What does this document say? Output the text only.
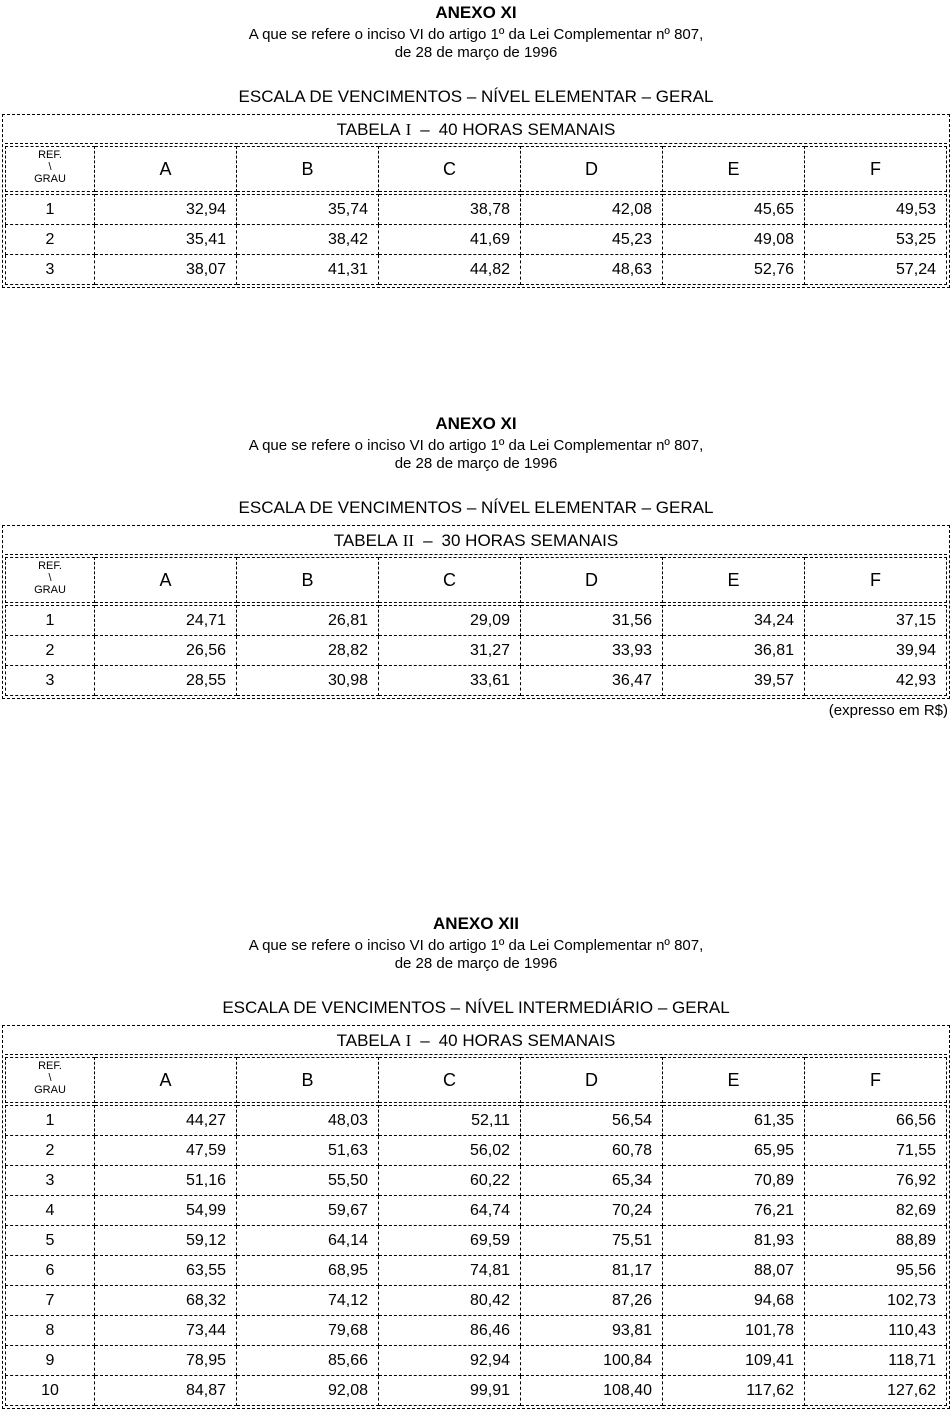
ANEXO XI
A que se refere o inciso VI do artigo 1º da Lei Complementar nº 807,
de 28 de março de 1996
ESCALA DE VENCIMENTOS – NÍVEL ELEMENTAR – GERAL
TABELA I – 40 HORAS SEMANAIS
REF.
\
GRAU
	A	B	C	D	E	F
1	32,94	35,74	38,78	42,08	45,65	49,53
2	35,41	38,42	41,69	45,23	49,08	53,25
3	38,07	41,31	44,82	48,63	52,76	57,24
ANEXO XI
A que se refere o inciso VI do artigo 1º da Lei Complementar nº 807,
de 28 de março de 1996
ESCALA DE VENCIMENTOS – NÍVEL ELEMENTAR – GERAL
TABELA II – 30 HORAS SEMANAIS
REF.
\
GRAU
	A	B	C	D	E	F
1	24,71	26,81	29,09	31,56	34,24	37,15
2	26,56	28,82	31,27	33,93	36,81	39,94
3	28,55	30,98	33,61	36,47	39,57	42,93
(expresso em R$)
ANEXO XII
A que se refere o inciso VI do artigo 1º da Lei Complementar nº 807,
de 28 de março de 1996
ESCALA DE VENCIMENTOS – NÍVEL INTERMEDIÁRIO – GERAL
TABELA I – 40 HORAS SEMANAIS
REF.
\
GRAU
	A	B	C	D	E	F
1	44,27	48,03	52,11	56,54	61,35	66,56
2	47,59	51,63	56,02	60,78	65,95	71,55
3	51,16	55,50	60,22	65,34	70,89	76,92
4	54,99	59,67	64,74	70,24	76,21	82,69
5	59,12	64,14	69,59	75,51	81,93	88,89
6	63,55	68,95	74,81	81,17	88,07	95,56
7	68,32	74,12	80,42	87,26	94,68	102,73
8	73,44	79,68	86,46	93,81	101,78	110,43
9	78,95	85,66	92,94	100,84	109,41	118,71
10	84,87	92,08	99,91	108,40	117,62	127,62
